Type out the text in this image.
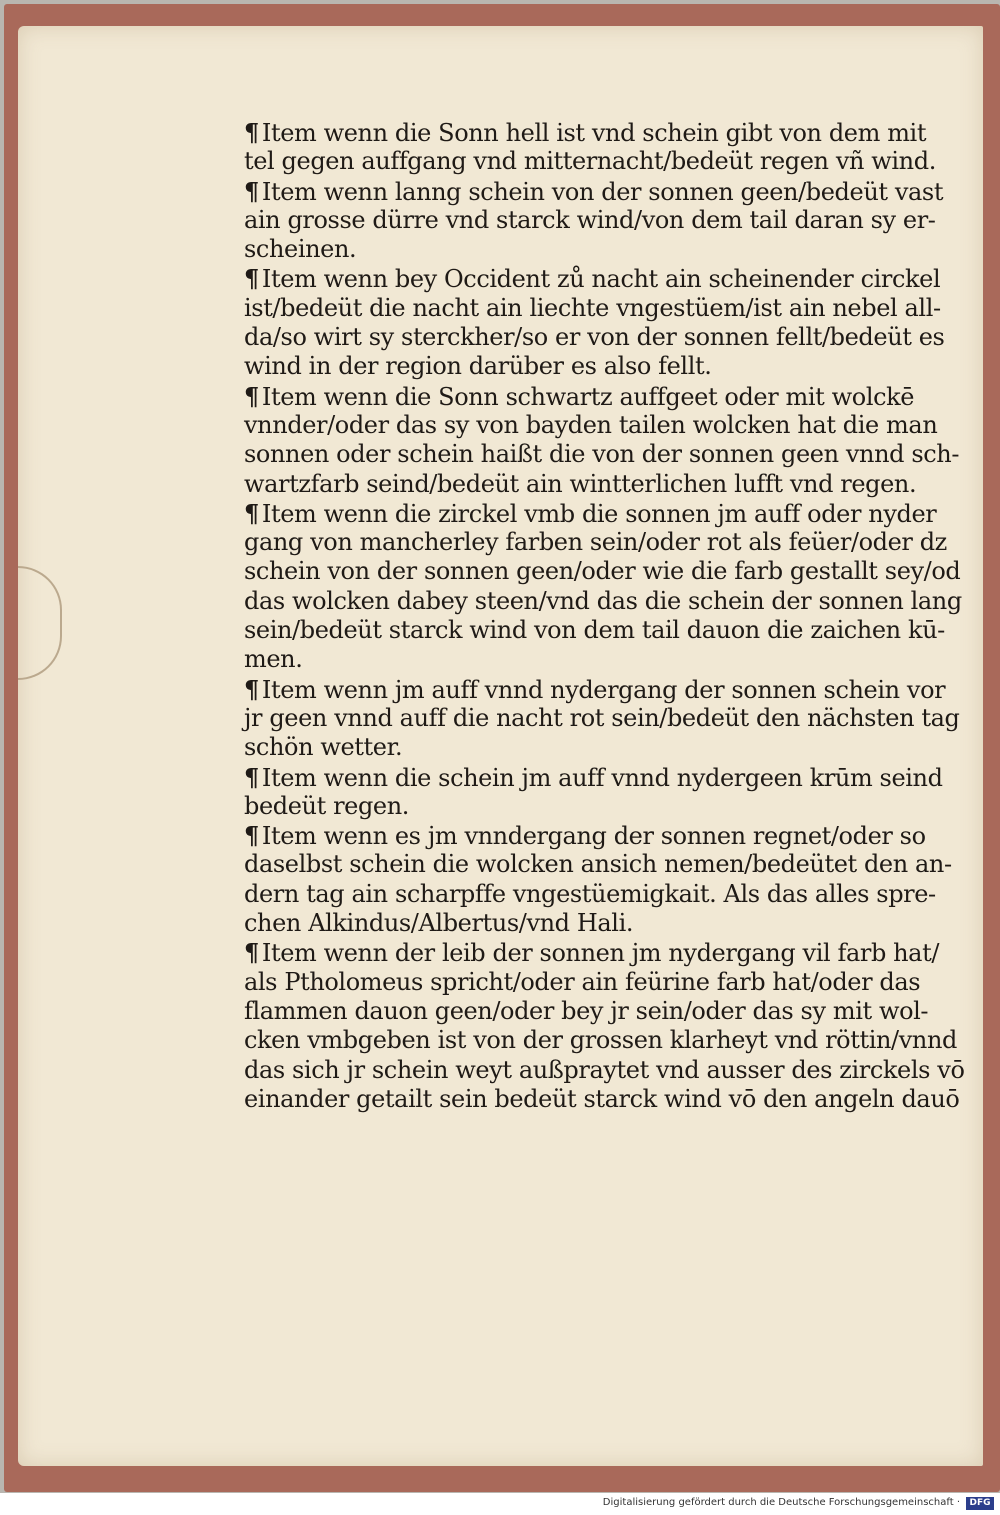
¶ Item wenn die Sonn hell ist vnd schein gibt von dem mit
tel gegen auffgang vnd mitternacht/bedeüt regen vñ wind.
¶ Item wenn lanng schein von der sonnen geen/bedeüt vast
ain grosse dürre vnd starck wind/von dem tail daran sy er-
scheinen.
¶ Item wenn bey Occident zů nacht ain scheinender circkel
ist/bedeüt die nacht ain liechte vngestüem/ist ain nebel all-
da/so wirt sy sterckher/so er von der sonnen fellt/bedeüt es
wind in der region darüber es also fellt.
¶ Item wenn die Sonn schwartz auffgeet oder mit wolckē
vnnder/oder das sy von bayden tailen wolcken hat die man
sonnen oder schein haißt die von der sonnen geen vnnd sch-
wartzfarb seind/bedeüt ain wintterlichen lufft vnd regen.
¶ Item wenn die zirckel vmb die sonnen jm auff oder nyder
gang von mancherley farben sein/oder rot als feüer/oder dz
schein von der sonnen geen/oder wie die farb gestallt sey/od
das wolcken dabey steen/vnd das die schein der sonnen lang
sein/bedeüt starck wind von dem tail dauon die zaichen kū-
men.
¶ Item wenn jm auff vnnd nydergang der sonnen schein vor
jr geen vnnd auff die nacht rot sein/bedeüt den nächsten tag
schön wetter.
¶ Item wenn die schein jm auff vnnd nydergeen krūm seind
bedeüt regen.
¶ Item wenn es jm vnndergang der sonnen regnet/oder so
daselbst schein die wolcken ansich nemen/bedeütet den an-
dern tag ain scharpffe vngestüemigkait. Als das alles spre-
chen Alkindus/Albertus/vnd Hali.
¶ Item wenn der leib der sonnen jm nydergang vil farb hat/
als Ptholomeus spricht/oder ain feürine farb hat/oder das
flammen dauon geen/oder bey jr sein/oder das sy mit wol-
cken vmbgeben ist von der grossen klarheyt vnd röttin/vnnd
das sich jr schein weyt außpraytet vnd ausser des zirckels vō
einander getailt sein bedeüt starck wind vō den angeln dauō
Digitalisierung gefördert durch die Deutsche Forschungsgemeinschaft ·	DFG
